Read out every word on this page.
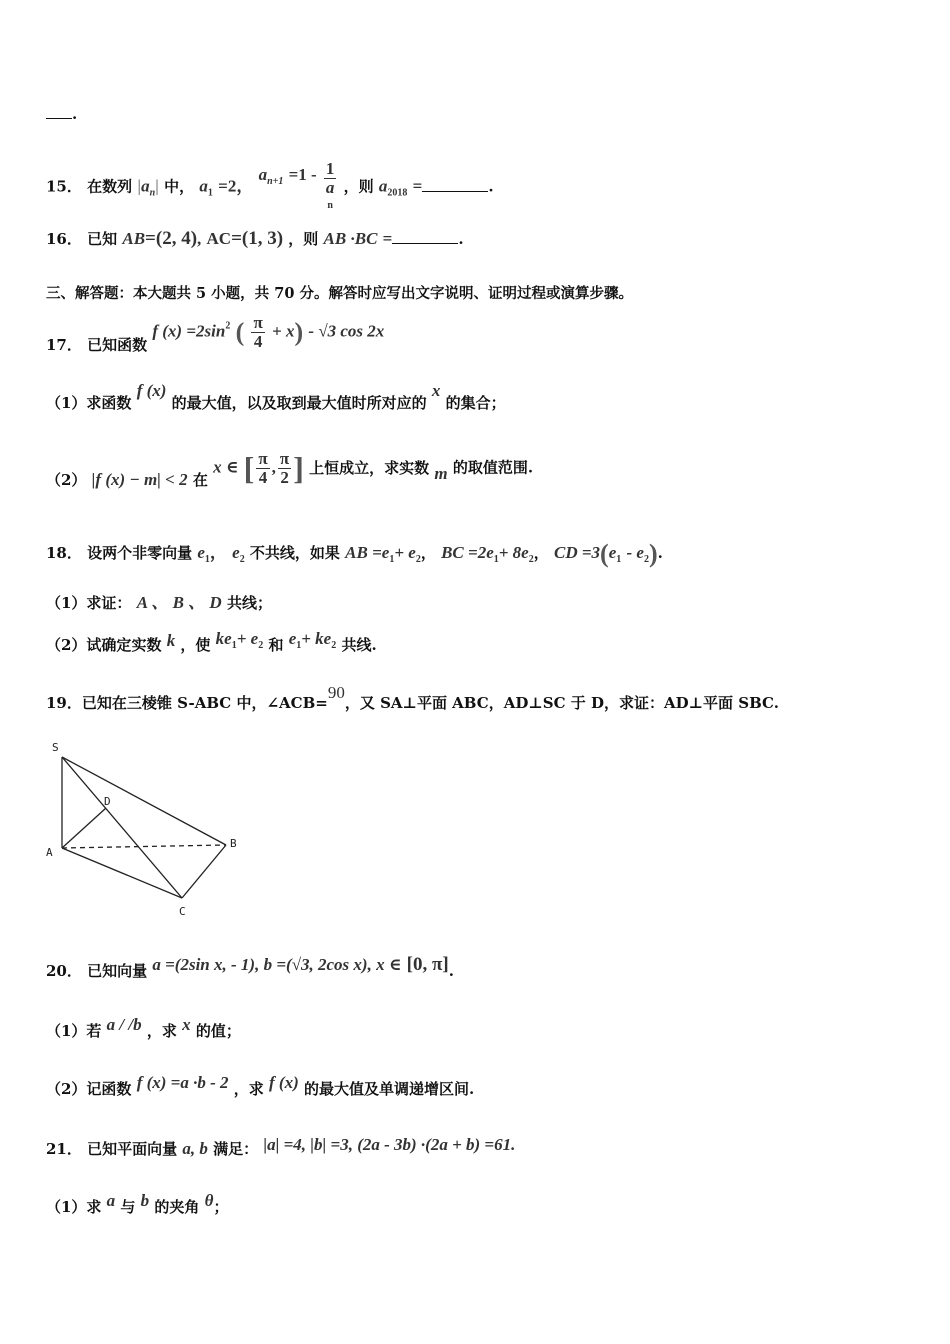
.
15． 在数列 $|a_n|$ 中， $a_1 =2$， $a^{n+1} =1 - 1$
a
n ，则 $a_{2018}$ =	.
16． 已知 AB=(2, 4), AC=(1, 3) ，则 AB ·BC =	.
三、解答题：本大题共 5 小题，共 70 分。解答时应写出文字说明、证明过程或演算步骤。
17． 已知函数 f $(x) =2\sin^2$ ( $\frac{\pi}{4} + x) - √3$ cos 2x
（1）求函数 f (x) 的最大值，以及取到最大值时所对应的 x 的集合；
（2） |f (x) − m| < 2 在 x ∈ [ $\frac{\pi}{4}$ , $\frac{\pi}{2}$ ] 上恒成立，求实数 m 的取值范围.
18． 设两个非零向量 $e_1$， $e_2$ 不共线，如果 AB $=e_1+ e_2$， BC $=2e_1+ 8e_2$， CD $=3(e_1 - e_2)$.
（1）求证： A 、 B 、 D 共线；
（2）试确定实数 k ，使 $ke_1+ e_2$ 和 $e_1+ ke_2$ 共线.
19．已知在三棱锥 S-ABC 中，∠ACB=90，又 SA⊥平面 ABC，AD⊥SC 于 D，求证：AD⊥平面 SBC.
S
D
A
B
C
20． 已知向量 a =(2sin x, - 1), b =(√3, 2cos x), x ∈ [0, π].
（1）若 a / /b ，求 x 的值；
（2）记函数 f (x) =a ·b - 2 ，求 f (x) 的最大值及单调递增区间.
21． 已知平面向量 a, b 满足： |a| =4, |b| =3, (2a - 3b) ·(2a + b) =61.
（1）求 a 与 b 的夹角 θ；
